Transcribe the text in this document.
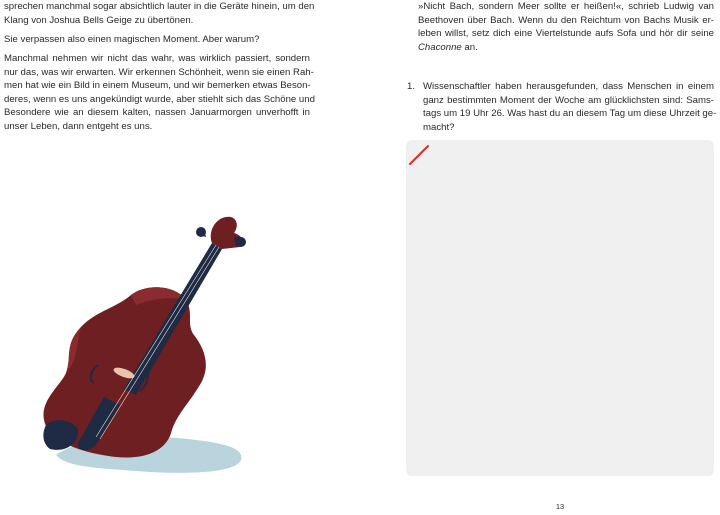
sprechen manchmal sogar absichtlich lauter in die Geräte hinein, um den
Klang von Joshua Bells Geige zu übertönen.

Sie verpassen also einen magischen Moment. Aber warum?

Manchmal nehmen wir nicht das wahr, was wirklich passiert, sondern
nur das, was wir erwarten. Wir erkennen Schönheit, wenn sie einen Rah-
men hat wie ein Bild in einem Museum, und wir bemerken etwas Beson-
deres, wenn es uns angekündigt wurde, aber stiehlt sich das Schöne und
Besondere wie an diesem kalten, nassen Januarmorgen unverhofft in
unser Leben, dann entgeht es uns.

»Nicht Bach, sondern Meer sollte er heißen!«, schrieb Ludwig van
Beethoven über Bach. Wenn du den Reichtum von Bachs Musik er-
leben willst, setz dich eine Viertelstunde aufs Sofa und hör dir seine
Chaconne an.

1. Wissenschaftler haben herausgefunden, dass Menschen in einem
ganz bestimmten Moment der Woche am glücklichsten sind: Sams-
tags um 19 Uhr 26. Was hast du an diesem Tag um diese Uhrzeit ge-
macht?

13
